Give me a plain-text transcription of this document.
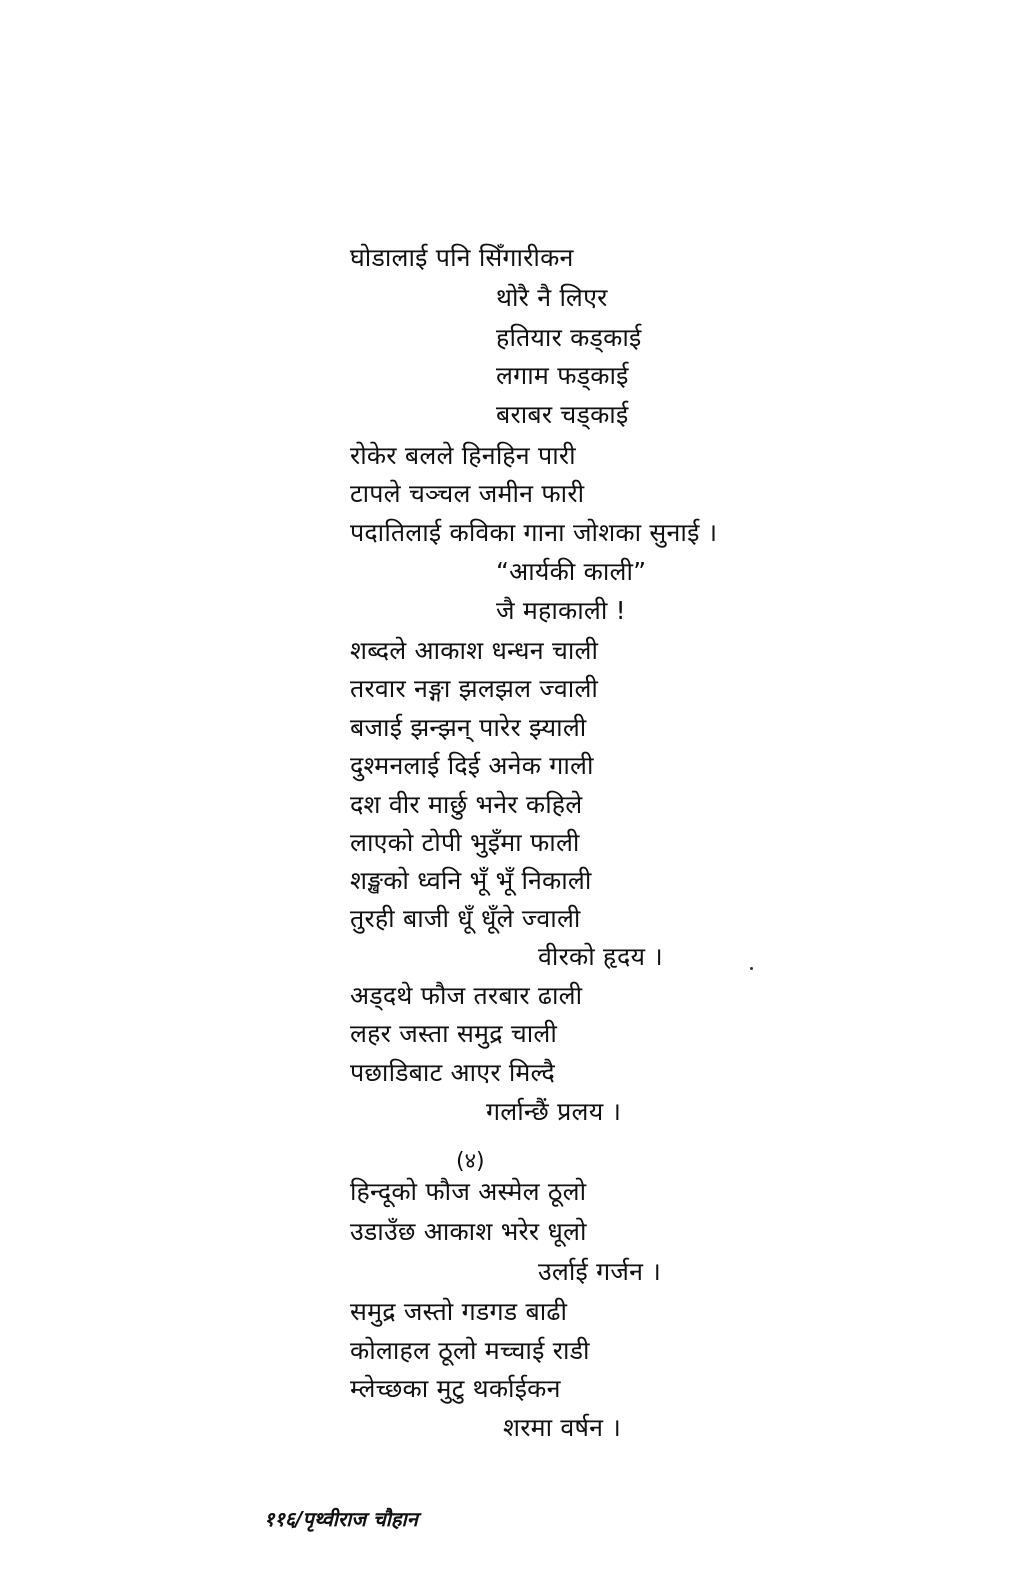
घोडालाई पनि सिँगारीकन
थोरै नै लिएर
हतियार कड्काई
लगाम फड्काई
बराबर चड्काई
रोकेर बलले हिनहिन पारी
टापले चञ्चल जमीन फारी
पदातिलाई कविका गाना जोशका सुनाई ।
“आर्यकी काली”
जै महाकाली !
शब्दले आकाश धन्धन चाली
तरवार नङ्गा झलझल ज्वाली
बजाई झन्झन् पारेर झ्याली
दुश्मनलाई दिई अनेक गाली
दश वीर मार्छु भनेर कहिले
लाएको टोपी भुइँमा फाली
शङ्खको ध्वनि भूँ भूँ निकाली
तुरही बाजी धूँ धूँले ज्वाली
वीरको हृदय ।
अड्दथे फौज तरबार ढाली
लहर जस्ता समुद्र चाली
पछाडिबाट आएर मिल्दै
गर्लान्छैं प्रलय ।
(४)
हिन्दूको फौज अस्मेल ठूलो
उडाउँछ आकाश भरेर धूलो
उर्लाई गर्जन ।
समुद्र जस्तो गडगड बाढी
कोलाहल ठूलो मच्चाई राडी
म्लेच्छका मुटु थर्काईकन
शरमा वर्षन ।
११६/पृथ्वीराज चौहान
